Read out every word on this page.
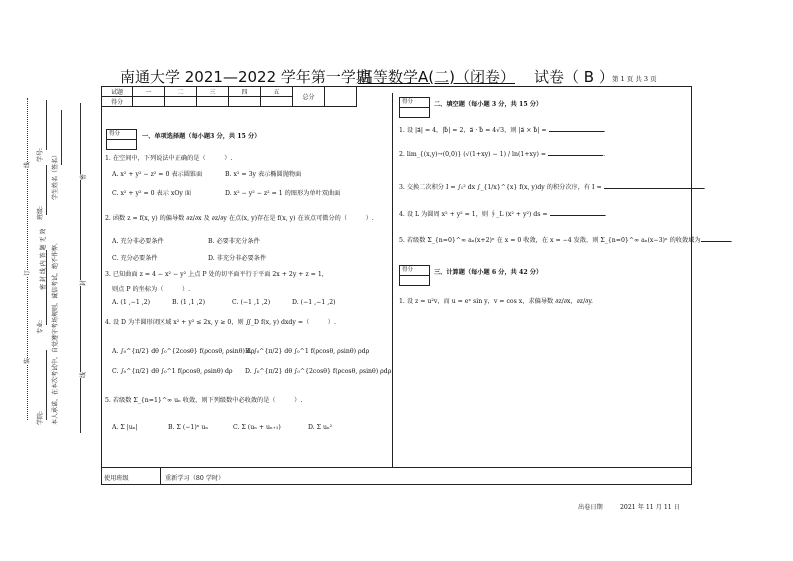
南通大学 2021—2022 学年第一学期
高等数学A(二)（闭卷） 试卷（ B ）
第 1 页 共 3 页
试题	一	二	三	四	五	总分	
得分							
得分	一、单项选择题（每小题3 分，共 15 分）
1. 在空间中，下列说法中正确的是（　　　）.
A. x² + y² − z² = 0 表示圆锥面	B. x² = 3y 表示椭圆抛物面
C. x² + y² = 0 表示 xOy 面	D. x² − y² − z² = 1 的图形为单叶双曲面
2. 函数 z = f(x, y) 的偏导数 ∂z/∂x 及 ∂z/∂y 在点(x, y)存在是 f(x, y) 在该点可微分的（　　　）.
A. 充分非必要条件	B. 必要非充分条件
C. 充分必要条件	D. 非充分非必要条件
3. 已知曲面 z = 4 − x² − y² 上点 P 处的切平面平行于平面 2x + 2y + z = 1，
则点 P 的坐标为（　　　）.
A. (1 ,−1 ,2)	B. (1 ,1 ,2)	C. (−1 ,1 ,2)	D. (−1 ,−1 ,2)
4. 设 D 为半圆形闭区域 x² + y² ≤ 2x, y ≥ 0，则 ∬_D f(x, y) dxdy =（　　　）.
A. ∫₀^{π/2} dθ ∫₀^{2cosθ} f(ρcosθ, ρsinθ) dρ
B. ∫₀^{π/2} dθ ∫₀^1 f(ρcosθ, ρsinθ) ρdρ
C. ∫₀^{π/2} dθ ∫₀^1 f(ρcosθ, ρsinθ) dρ D. ∫₀^{π/2} dθ ∫₀^{2cosθ} f(ρcosθ, ρsinθ) ρdρ
5. 若级数 Σ_{n=1}^∞ uₙ 收敛，则下列级数中必收敛的是（　　　）.
A. Σ |uₙ|	B. Σ (−1)ⁿ uₙ	C. Σ (uₙ + uₙ₊₁)	D. Σ uₙ²
得分	二、填空题（每小题 3 分，共 15 分）
1. 设 |a⃗| = 4，|b⃗| = 2，a⃗ · b⃗ = 4√3，则 |a⃗ × b⃗| =	.
2. lim_{(x,y)→(0,0)} (√(1+xy) − 1) / ln(1+xy) =	.
3. 交换二次积分 I = ∫₁² dx ∫_{1/x}^{x} f(x, y)dy 的积分次序，有 I =	.
4. 设 L 为圆周 x² + y² = 1，则 ∮_L (x² + y²) ds =	.
5. 若级数 Σ_{n=0}^∞ aₙ(x+2)ⁿ 在 x = 0 收敛，在 x = −4 发散，则 Σ_{n=0}^∞ aₙ(x−3)ⁿ 的收敛域为	.
得分	三、计算题（每小题 6 分，共 42 分）
1. 设 z = u²v，而 u = eˣ sin y，v = cos x，求偏导数 ∂z/∂x，∂z/∂y.
使用班级	重新学习（80 学时）
出卷日期	2021 年 11 月 11 日
装
订
线
学院:
专业:
班级:
学号:
密 封 线 内 答 题 无 效 本人承诺，在本次考试中，自觉遵守考场规则，诚信考试，绝不作弊。
学生姓名（签名）	密
封
线
